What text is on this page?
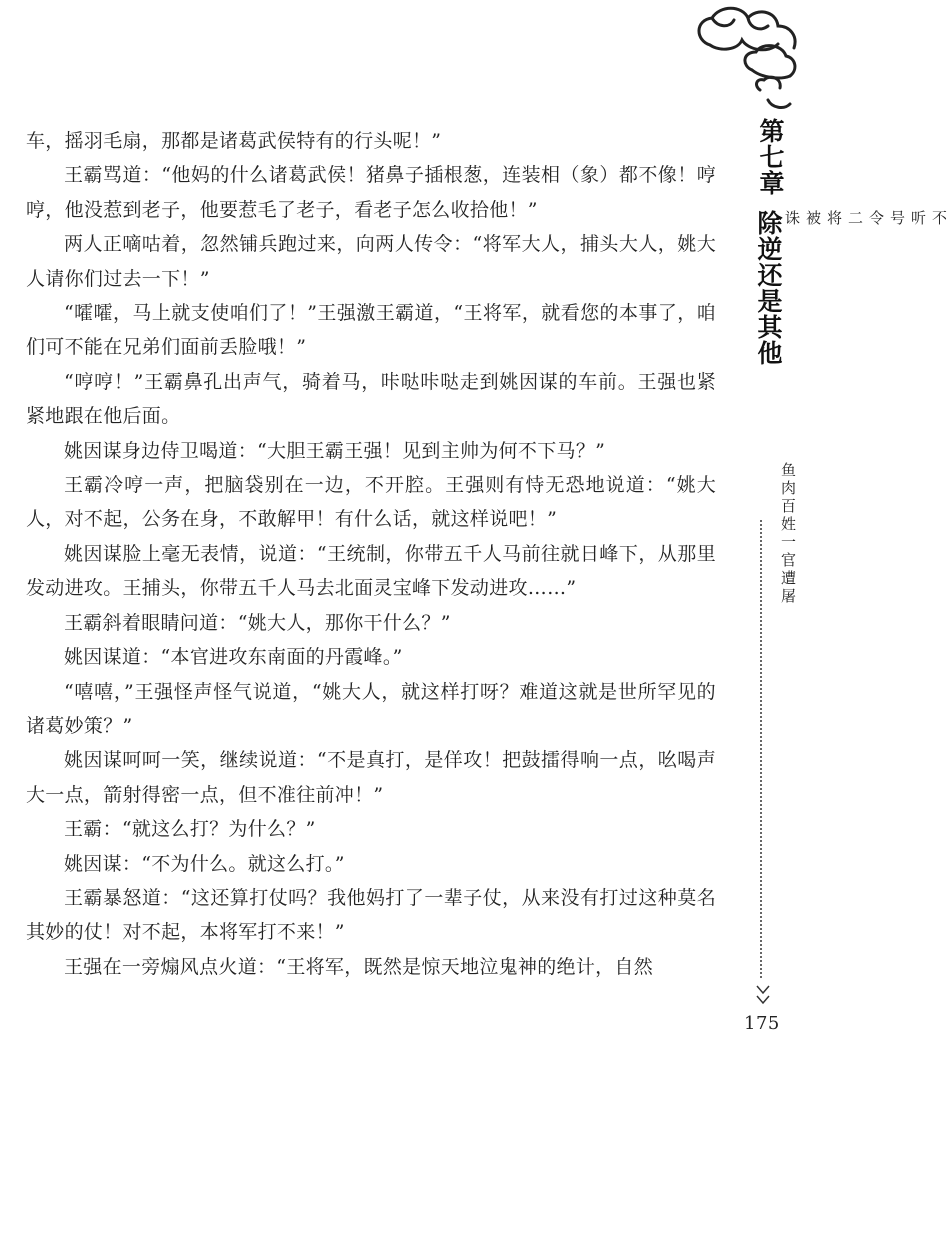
车，摇羽毛扇，那都是诸葛武侯特有的行头呢！”

王霸骂道：“他妈的什么诸葛武侯！猪鼻子插根葱，连装相（象）都不像！哼哼，他没惹到老子，他要惹毛了老子，看老子怎么收拾他！”

两人正嘀咕着，忽然铺兵跑过来，向两人传令：“将军大人，捕头大人，姚大人请你们过去一下！”

“嚯嚯，马上就支使咱们了！”王强激王霸道，“王将军，就看您的本事了，咱们可不能在兄弟们面前丢脸哦！”

“哼哼！”王霸鼻孔出声气，骑着马，咔哒咔哒走到姚因谋的车前。王强也紧紧地跟在他后面。

姚因谋身边侍卫喝道：“大胆王霸王强！见到主帅为何不下马？”

王霸冷哼一声，把脑袋别在一边，不开腔。王强则有恃无恐地说道：“姚大人，对不起，公务在身，不敢解甲！有什么话，就这样说吧！”

姚因谋脸上毫无表情，说道：“王统制，你带五千人马前往就日峰下，从那里发动进攻。王捕头，你带五千人马去北面灵宝峰下发动进攻……”

王霸斜着眼睛问道：“姚大人，那你干什么？”

姚因谋道：“本官进攻东南面的丹霞峰。”

“嘻嘻，”王强怪声怪气说道，“姚大人，就这样打呀？难道这就是世所罕见的诸葛妙策？”

姚因谋呵呵一笑，继续说道：“不是真打，是佯攻！把鼓擂得响一点，吆喝声大一点，箭射得密一点，但不准往前冲！”

王霸：“就这么打？为什么？”

姚因谋：“不为什么。就这么打。”

王霸暴怒道：“这还算打仗吗？我他妈打了一辈子仗，从来没有打过这种莫名其妙的仗！对不起，本将军打不来！”

王强在一旁煽风点火道：“王将军，既然是惊天地泣鬼神的绝计，自然

第七章
除逆还是其他	不听号令二将被诛
鱼肉百姓一官遭屠
175
